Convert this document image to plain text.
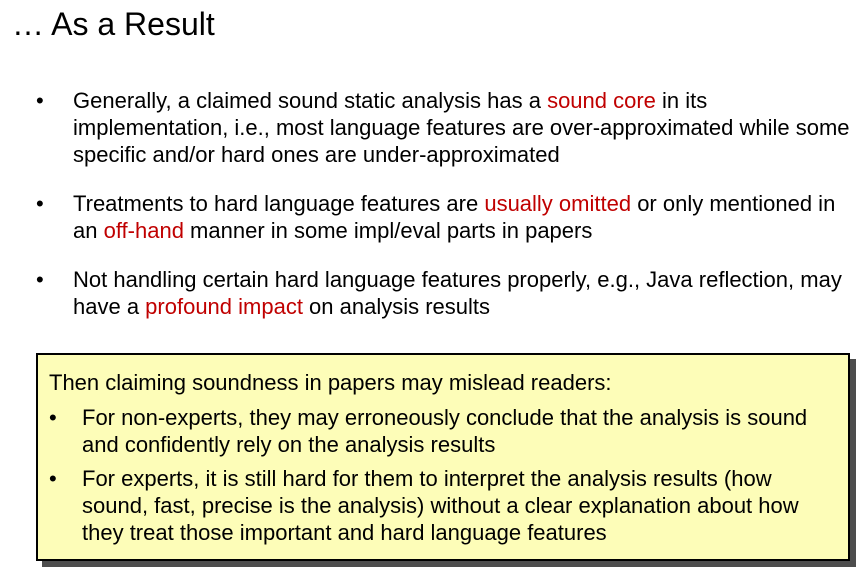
… As a Result
• Generally, a claimed sound static analysis has a sound core in its implementation, i.e., most language features are over-approximated while some specific and/or hard ones are under-approximated
• Treatments to hard language features are usually omitted or only mentioned in an off-hand manner in some impl/eval parts in papers
• Not handling certain hard language features properly, e.g., Java reflection, may have a profound impact on analysis results
Then claiming soundness in papers may mislead readers:
• For non-experts, they may erroneously conclude that the analysis is sound and confidently rely on the analysis results
• For experts, it is still hard for them to interpret the analysis results (how sound, fast, precise is the analysis) without a clear explanation about how they treat those important and hard language features
